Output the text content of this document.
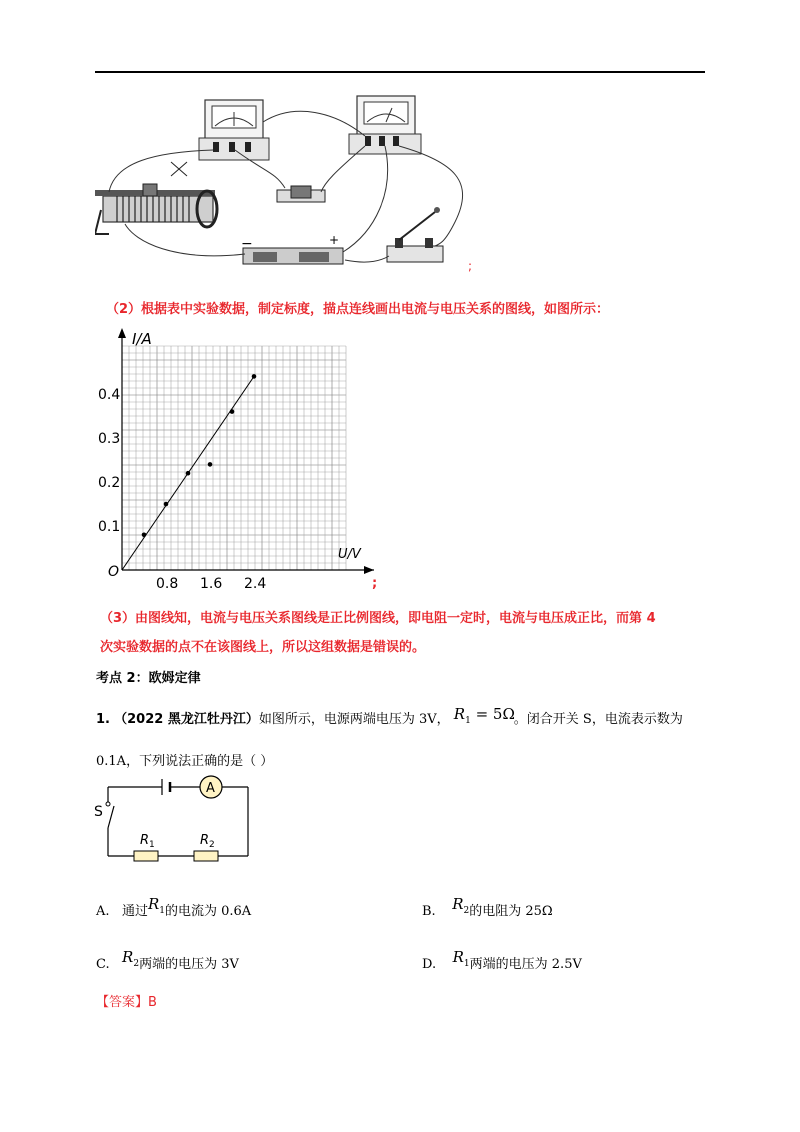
−	+
;
（2）根据表中实验数据，制定标度，描点连线画出电流与电压关系的图线，如图所示：
I/A
U/V
O
0.8 1.6 2.4
0.1
0.2
0.3
0.4
;
（3）由图线知，电流与电压关系图线是正比例图线，即电阻一定时，电流与电压成正比，而第 4
次实验数据的点不在该图线上，所以这组数据是错误的。
考点 2：欧姆定律
1. （2022 黑龙江牡丹江）如图所示，电源两端电压为 3V， $R_1 = 5\Omega$。闭合开关 S，电流表示数为
0.1A，下列说法正确的是（ ）
A
S
$R_1$	$R_2$
A. 通过$R_1$的电流为 0.6A	B. $R_2$的电阻为 25Ω
C. $R_2$两端的电压为 3V	D. $R_1$两端的电压为 2.5V
【答案】B
